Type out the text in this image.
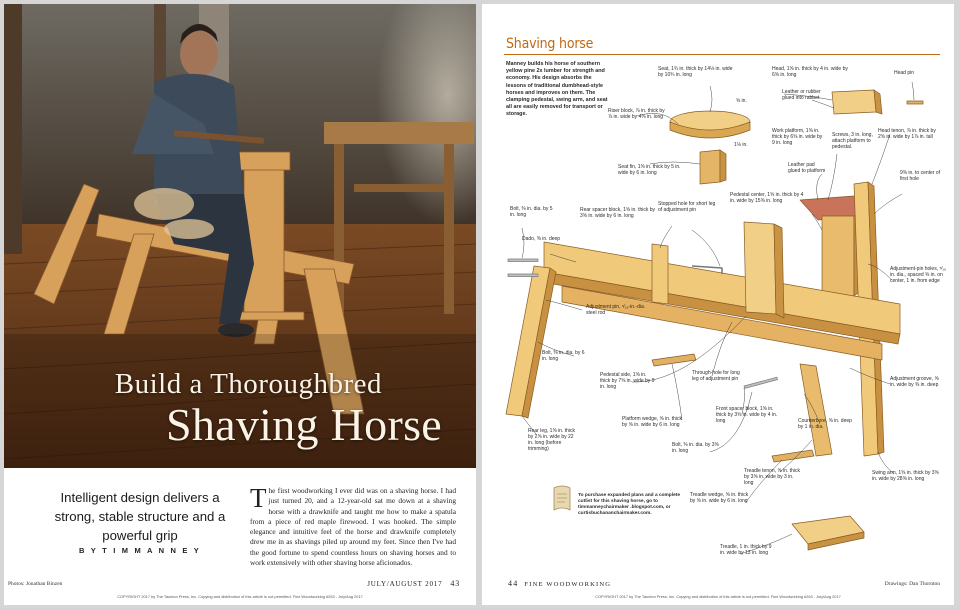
Build a Thoroughbred
Shaving Horse
Intelligent design delivers a strong, stable structure and a powerful grip
B Y T I M M A N N E Y
The first woodworking I ever did was on a shaving horse. I had just turned 20, and a 12-year-old sat me down at a shaving horse with a drawknife and taught me how to make a spatula from a piece of red maple firewood. I was hooked. The simple elegance and intuitive feel of the horse and drawknife completely drew me in as shavings piled up around my feet. Since then I've had the good fortune to spend countless hours on shaving horses and to work extensively with other shaving horse aficionados.
Photos: Jonathan Binzen	JULY/AUGUST 2017 43
COPYRIGHT 2017 by The Taunton Press, Inc. Copying and distribution of this article is not permitted. Fine Woodworking #263 - July/Aug 2017
Shaving horse
Manney builds his horse of southern yellow pine 2x lumber for strength and economy. His design absorbs the lessons of traditional dumbhead-style horses and improves on them. The clamping pedestal, swing arm, and seat all are easily removed for transport or storage.
Seat, 1¾ in. thick by 14⅛ in. wide by 10¾ in. long
Riser block, ⅞ in. thick by ⅞ in. wide by 4⅝ in. long
⅝ in.
1⅛ in.
Seat fin, 1⅝ in. thick by 5 in. wide by 6 in. long
Head, 1⅝ in. thick by 4 in. wide by 6⅝ in. long
Leather or rubber glued into rabbet
Head pin
Work platform, 1⅝ in. thick by 6⅝ in. wide by 9 in. long
Screws, 3 in. long, attach platform to pedestal.
Head tenon, ⅞ in. thick by 2⅝ in. wide by 1⅞ in. tall
Leather pad glued to platform	9⅜ in. to center of first hole
Pedestal center, 1⅝ in. thick by 4 in. wide by 15⅝ in. long
Stopped hole for short leg of adjustment pin
Rear spacer block, 1⅝ in. thick by 3⅝ in. wide by 6 in. long
Bolt, ⅜ in. dia. by 5 in. long
Dado, ⅜ in. deep
Adjustment-pin holes, ⁵⁄₁₆ in. dia., spaced ⅝ in. on center, 1 in. from edge
Adjustment pin, ⁵⁄₁₆-in.-dia. steel rod
Bolt, ⅜ in. dia. by 6 in. long
Pedestal side, 1⅝ in. thick by 7⅝ in. wide by 9 in. long
Through-hole for long leg of adjustment pin	Adjustment groove, ⅝ in. wide by ⅜ in. deep
Front spacer block, 1⅝ in. thick by 3⅝ in. wide by 4 in. long
Platform wedge, ⅝ in. thick by ⅝ in. wide by 6 in. long
Counterbore, ⅝ in. deep by 1 in. dia.
Rear leg, 1⅝ in. thick by 2⅝ in. wide by 22 in. long (before trimming)
Bolt, ⅜ in. dia. by 3⅝ in. long
Treadle tenon, ⅝ in. thick by 3⅝ in. wide by 3 in. long
Swing arm, 1⅝ in. thick by 3⅝ in. wide by 28⅝ in. long
Treadle wedge, ⅝ in. thick by ⅝ in. wide by 6 in. long
Treadle, 1 in. thick by 9 in. wide by 13 in. long
To purchase expanded plans and a complete cutlist for this shaving horse, go to timmanneychairmaker .blogspot.com, or curtisbuchananchairmaker.com.
44 FINE WOODWORKING	Drawings: Dan Thornton
COPYRIGHT 2017 by The Taunton Press, Inc. Copying and distribution of this article is not permitted. Fine Woodworking #263 - July/Aug 2017
